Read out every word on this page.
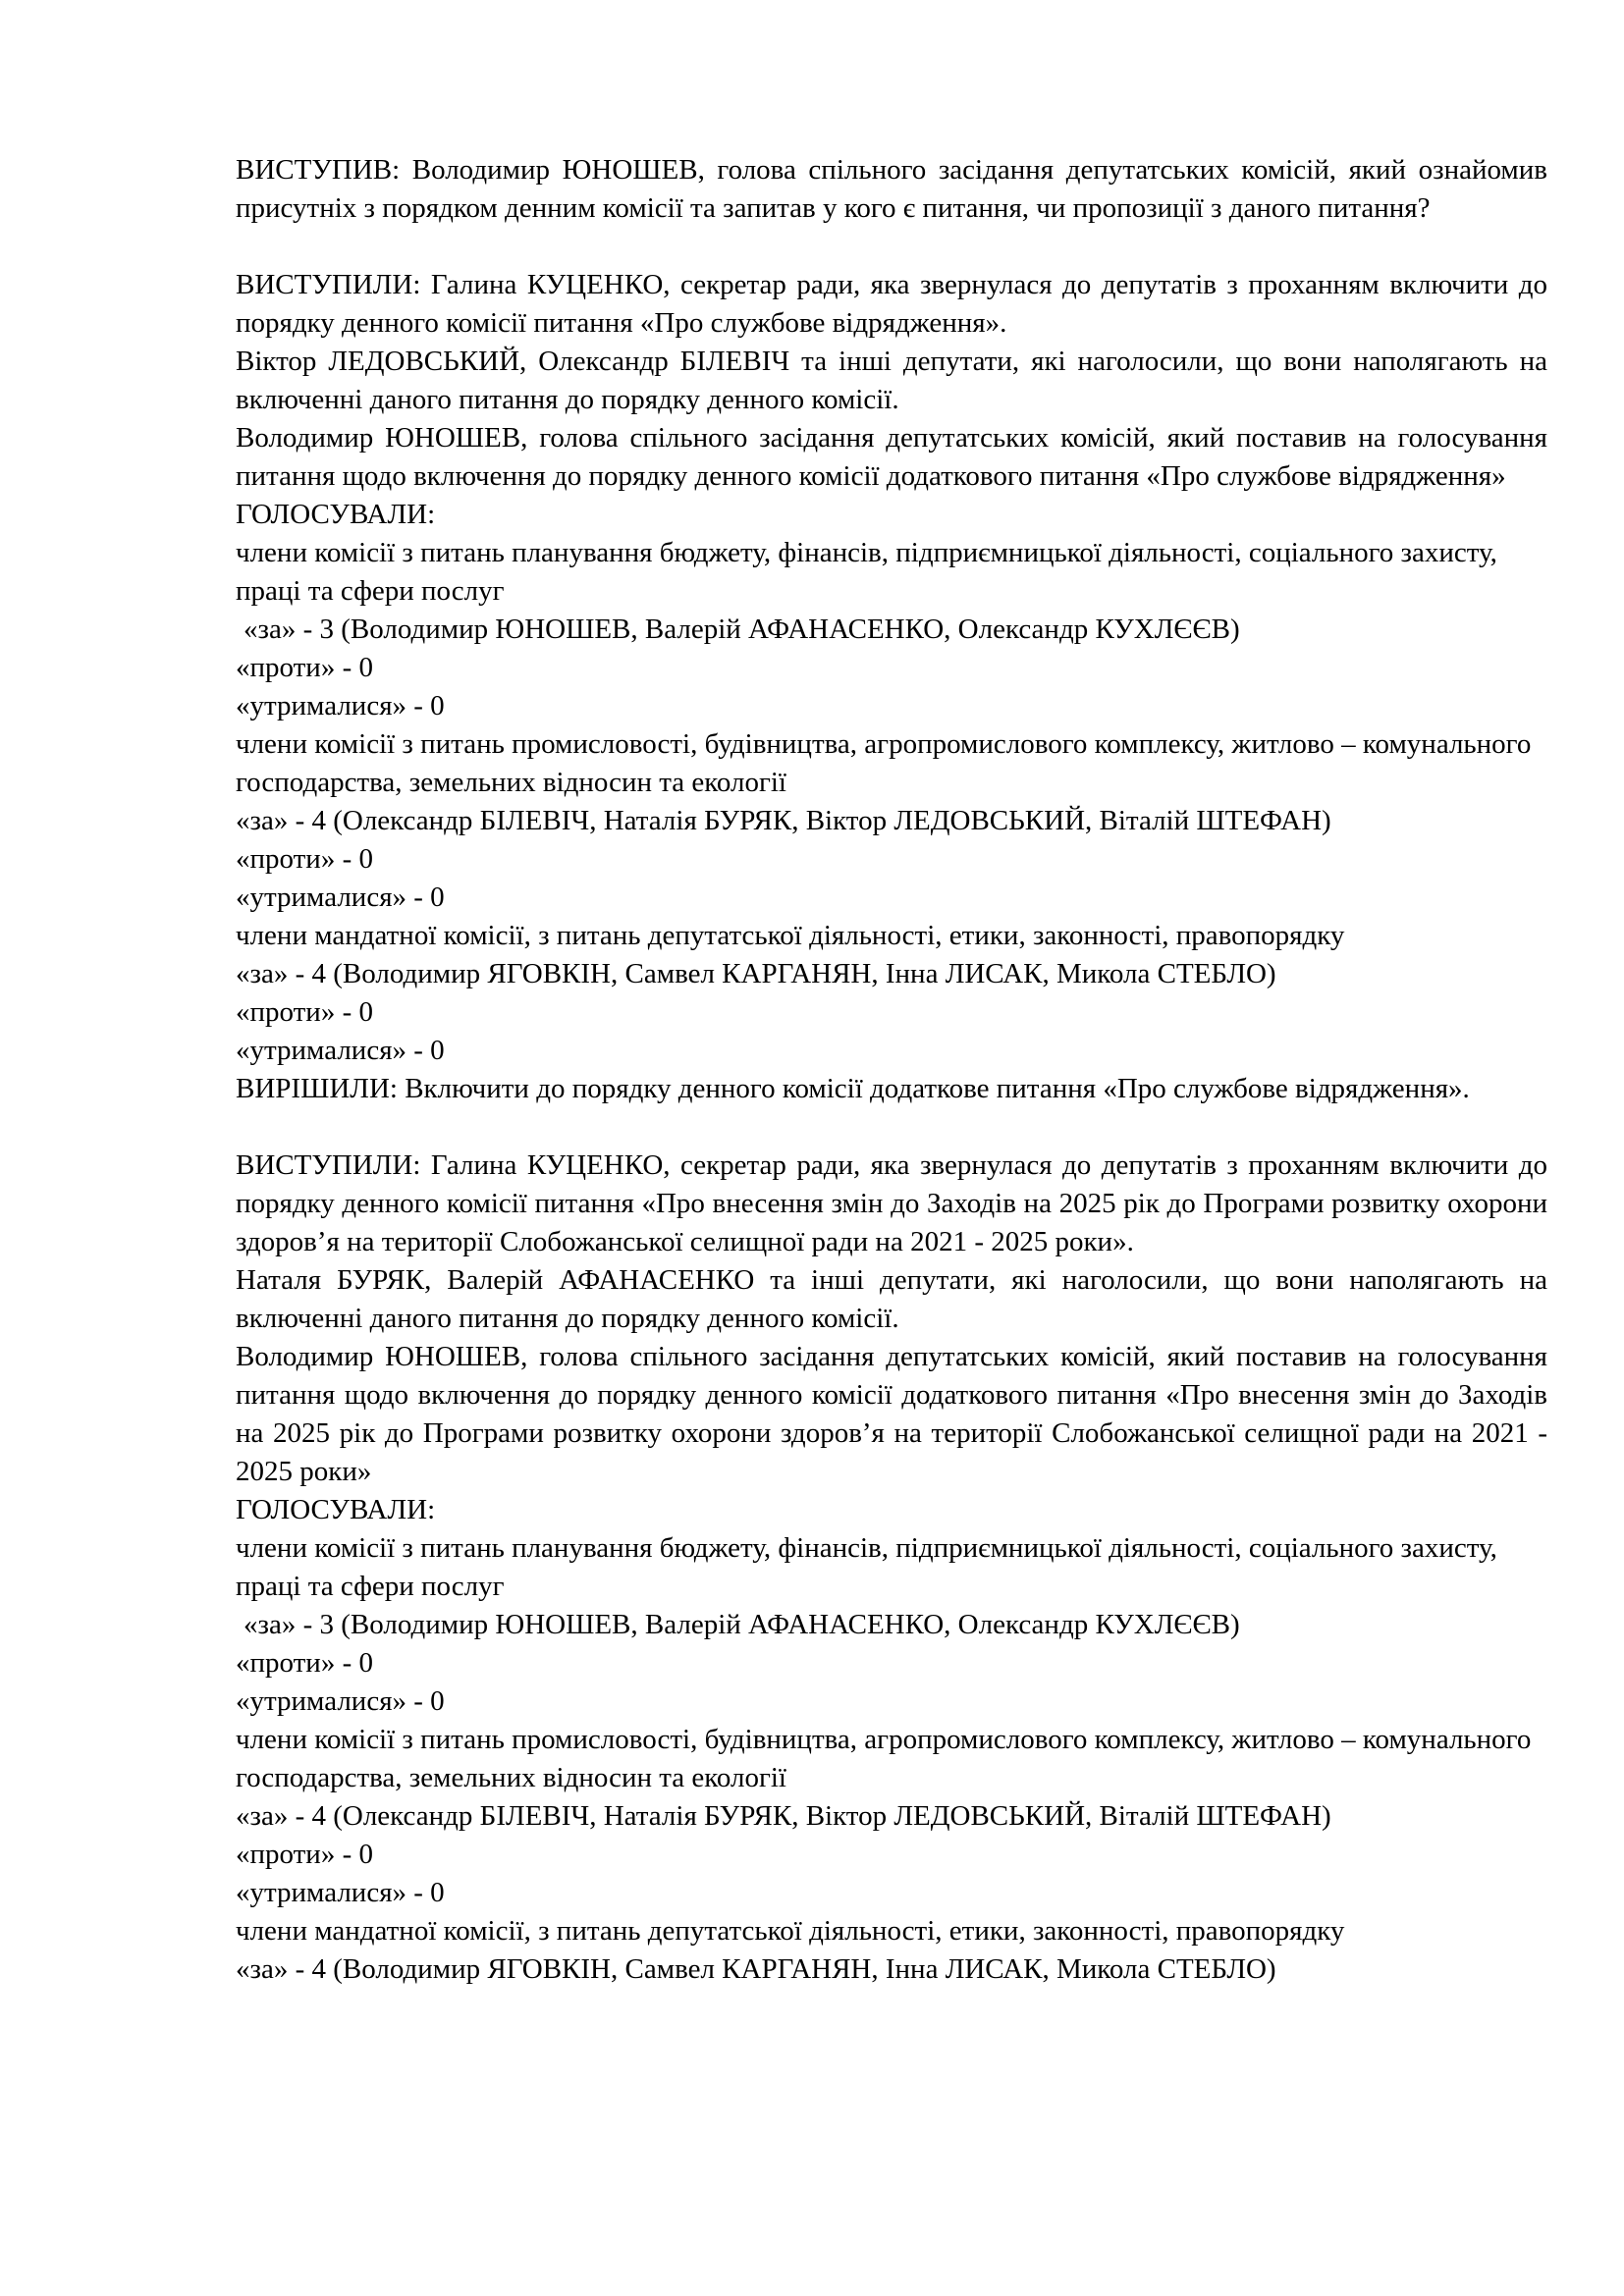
ВИСТУПИВ: Володимир ЮНОШЕВ, голова спільного засідання депутатських комісій, який ознайомив присутніх з порядком денним комісії та запитав у кого є питання, чи пропозиції з даного питання?

ВИСТУПИЛИ: Галина КУЦЕНКО, секретар ради, яка звернулася до депутатів з проханням включити до порядку денного комісії питання «Про службове відрядження».

Віктор ЛЕДОВСЬКИЙ, Олександр БІЛЕВІЧ та інші депутати, які наголосили, що вони наполягають на включенні даного питання до порядку денного комісії.

Володимир ЮНОШЕВ, голова спільного засідання депутатських комісій, який поставив на голосування питання щодо включення до порядку денного комісії додаткового питання «Про службове відрядження»

ГОЛОСУВАЛИ:

члени комісії з питань планування бюджету, фінансів, підприємницької діяльності, соціального захисту, праці та сфери послуг

«за» - 3 (Володимир ЮНОШЕВ, Валерій АФАНАСЕНКО, Олександр КУХЛЄЄВ)

«проти» - 0

«утрималися» - 0

члени комісії з питань промисловості, будівництва, агропромислового комплексу, житлово – комунального господарства, земельних відносин та екології

«за» - 4 (Олександр БІЛЕВІЧ, Наталія БУРЯК, Віктор ЛЕДОВСЬКИЙ, Віталій ШТЕФАН)

«проти» - 0

«утрималися» - 0

члени мандатної комісії, з питань депутатської діяльності, етики, законності, правопорядку

«за» - 4 (Володимир ЯГОВКІН, Самвел КАРГАНЯН, Інна ЛИСАК, Микола СТЕБЛО)

«проти» - 0

«утрималися» - 0

ВИРІШИЛИ: Включити до порядку денного комісії додаткове питання «Про службове відрядження».

ВИСТУПИЛИ: Галина КУЦЕНКО, секретар ради, яка звернулася до депутатів з проханням включити до порядку денного комісії питання «Про внесення змін до Заходів на 2025 рік до Програми розвитку охорони здоров’я на території Слобожанської селищної ради на 2021 - 2025 роки».

Наталя БУРЯК, Валерій АФАНАСЕНКО та інші депутати, які наголосили, що вони наполягають на включенні даного питання до порядку денного комісії.

Володимир ЮНОШЕВ, голова спільного засідання депутатських комісій, який поставив на голосування питання щодо включення до порядку денного комісії додаткового питання «Про внесення змін до Заходів на 2025 рік до Програми розвитку охорони здоров’я на території Слобожанської селищної ради на 2021 - 2025 роки»

ГОЛОСУВАЛИ:

члени комісії з питань планування бюджету, фінансів, підприємницької діяльності, соціального захисту, праці та сфери послуг

«за» - 3 (Володимир ЮНОШЕВ, Валерій АФАНАСЕНКО, Олександр КУХЛЄЄВ)

«проти» - 0

«утрималися» - 0

члени комісії з питань промисловості, будівництва, агропромислового комплексу, житлово – комунального господарства, земельних відносин та екології

«за» - 4 (Олександр БІЛЕВІЧ, Наталія БУРЯК, Віктор ЛЕДОВСЬКИЙ, Віталій ШТЕФАН)

«проти» - 0

«утрималися» - 0

члени мандатної комісії, з питань депутатської діяльності, етики, законності, правопорядку

«за» - 4 (Володимир ЯГОВКІН, Самвел КАРГАНЯН, Інна ЛИСАК, Микола СТЕБЛО)
